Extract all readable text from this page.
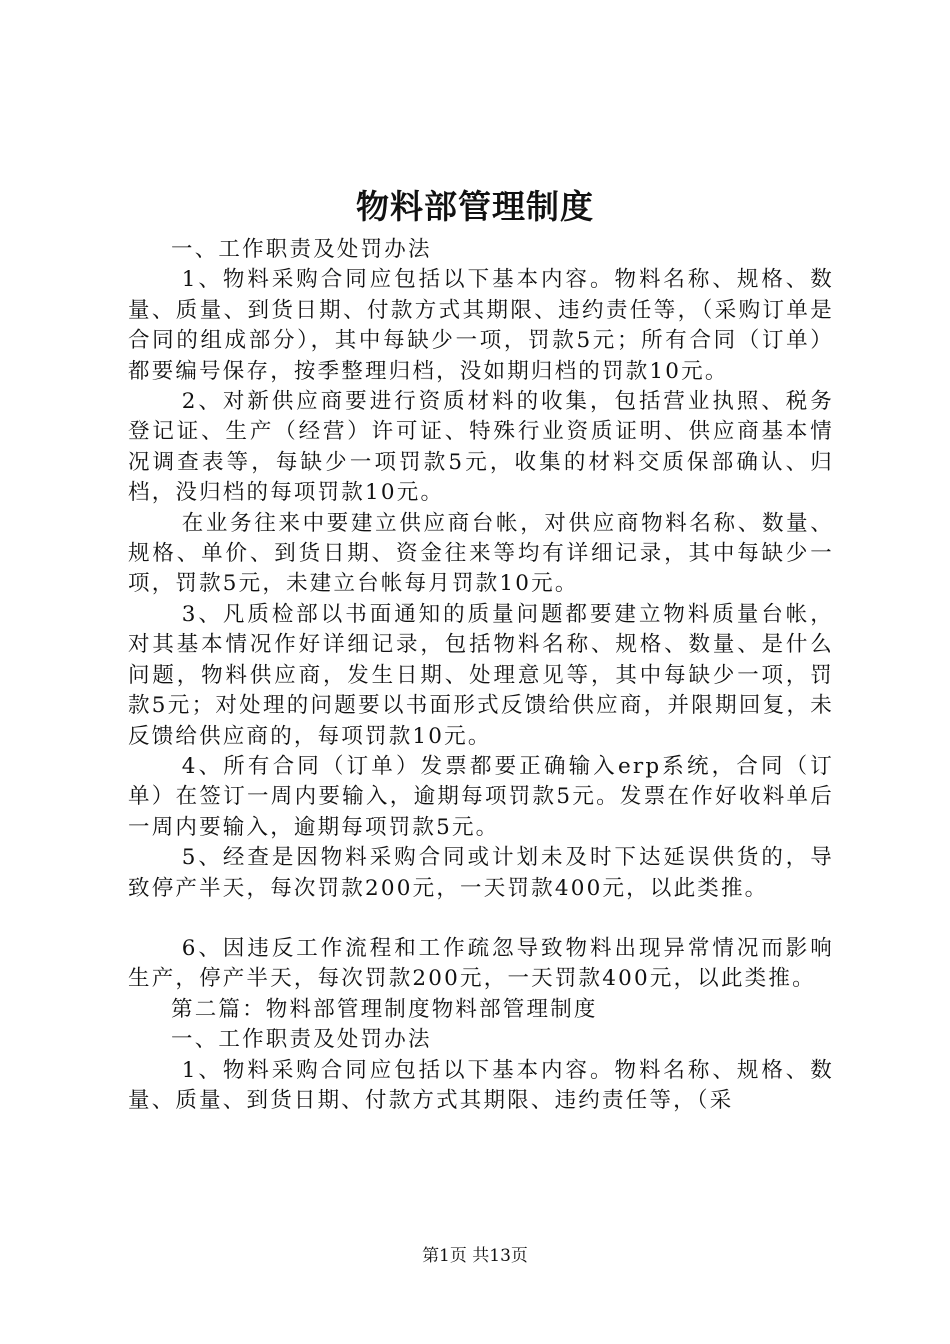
物料部管理制度

一、工作职责及处罚办法

1、物料采购合同应包括以下基本内容。物料名称、规格、数量、质量、到货日期、付款方式其期限、违约责任等，（采购订单是合同的组成部分），其中每缺少一项，罚款5元；所有合同（订单）都要编号保存，按季整理归档，没如期归档的罚款10元。

2、对新供应商要进行资质材料的收集，包括营业执照、税务登记证、生产（经营）许可证、特殊行业资质证明、供应商基本情况调查表等，每缺少一项罚款5元，收集的材料交质保部确认、归档，没归档的每项罚款10元。

在业务往来中要建立供应商台帐，对供应商物料名称、数量、规格、单价、到货日期、资金往来等均有详细记录，其中每缺少一项，罚款5元，未建立台帐每月罚款10元。

3、凡质检部以书面通知的质量问题都要建立物料质量台帐，对其基本情况作好详细记录，包括物料名称、规格、数量、是什么问题，物料供应商，发生日期、处理意见等，其中每缺少一项，罚款5元；对处理的问题要以书面形式反馈给供应商，并限期回复，未反馈给供应商的，每项罚款10元。

4、所有合同（订单）发票都要正确输入erp系统，合同（订单）在签订一周内要输入，逾期每项罚款5元。发票在作好收料单后一周内要输入，逾期每项罚款5元。

5、经查是因物料采购合同或计划未及时下达延误供货的，导致停产半天，每次罚款200元，一天罚款400元，以此类推。

6、因违反工作流程和工作疏忽导致物料出现异常情况而影响生产，停产半天，每次罚款200元，一天罚款400元，以此类推。

第二篇：物料部管理制度物料部管理制度

一、工作职责及处罚办法

1、物料采购合同应包括以下基本内容。物料名称、规格、数量、质量、到货日期、付款方式其期限、违约责任等，（采

第1页 共13页
